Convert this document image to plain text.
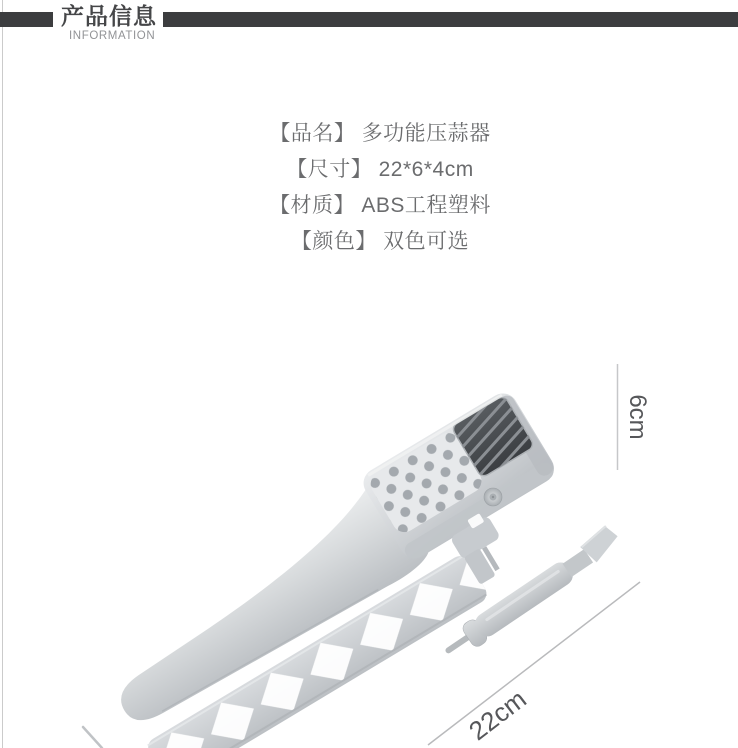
产品信息
INFORMATION
【品名】 多功能压蒜器
【尺寸】 22*6*4cm
【材质】 ABS工程塑料
【颜色】 双色可选
6cm
22cm
